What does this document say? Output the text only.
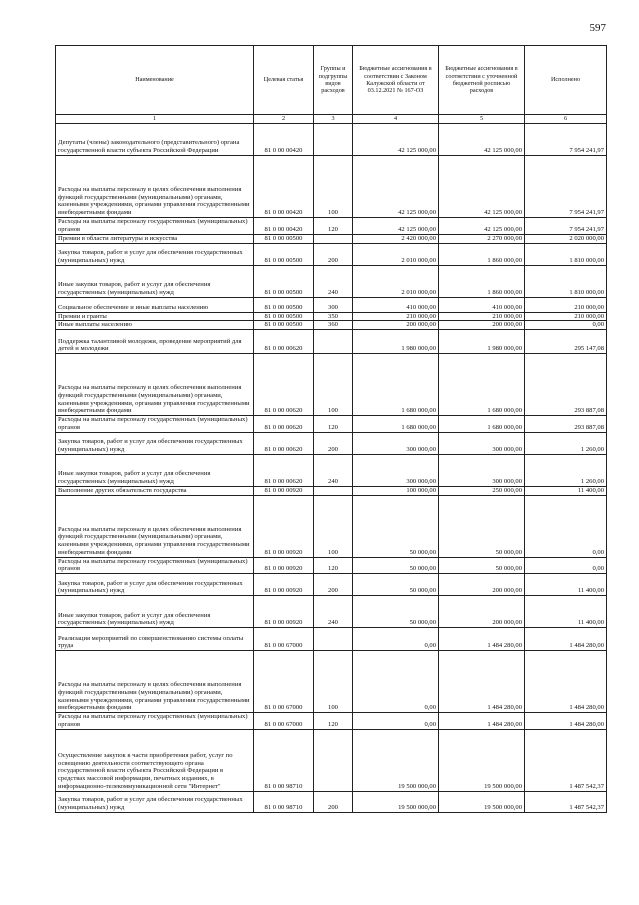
597
Наименование	Целевая статья	Группы и подгруппы видов расходов	Бюджетные ассигнования в соответствии с Законом Калужской области от 03.12.2021 № 167-ОЗ	Бюджетные ассигнования в соответствии с уточненной бюджетной росписью расходов	Исполнено
1	2	3	4	5	6
Депутаты (члены) законодательного (представительного) органа государственной власти субъекта Российской Федерации	81 0 00 00420		42 125 000,00	42 125 000,00	7 954 241,97
Расходы на выплаты персоналу в целях обеспечения выполнения функций государственными (муниципальными) органами, казенными учреждениями, органами управления государственными внебюджетными фондами	81 0 00 00420	100	42 125 000,00	42 125 000,00	7 954 241,97
Расходы на выплаты персоналу государственных (муниципальных) органов	81 0 00 00420	120	42 125 000,00	42 125 000,00	7 954 241,97
Премии в области литературы и искусства	81 0 00 00500		2 420 000,00	2 270 000,00	2 020 000,00
Закупка товаров, работ и услуг для обеспечения государственных (муниципальных) нужд	81 0 00 00500	200	2 010 000,00	1 860 000,00	1 810 000,00
Иные закупки товаров, работ и услуг для обеспечения государственных (муниципальных) нужд	81 0 00 00500	240	2 010 000,00	1 860 000,00	1 810 000,00
Социальное обеспечение и иные выплаты населению	81 0 00 00500	300	410 000,00	410 000,00	210 000,00
Премии и гранты	81 0 00 00500	350	210 000,00	210 000,00	210 000,00
Иные выплаты населению	81 0 00 00500	360	200 000,00	200 000,00	0,00
Поддержка талантливой молодежи, проведение мероприятий для детей и молодежи	81 0 00 00620		1 980 000,00	1 980 000,00	295 147,08
Расходы на выплаты персоналу в целях обеспечения выполнения функций государственными (муниципальными) органами, казенными учреждениями, органами управления государственными внебюджетными фондами	81 0 00 00620	100	1 680 000,00	1 680 000,00	293 887,08
Расходы на выплаты персоналу государственных (муниципальных) органов	81 0 00 00620	120	1 680 000,00	1 680 000,00	293 887,08
Закупка товаров, работ и услуг для обеспечения государственных (муниципальных) нужд	81 0 00 00620	200	300 000,00	300 000,00	1 260,00
Иные закупки товаров, работ и услуг для обеспечения государственных (муниципальных) нужд	81 0 00 00620	240	300 000,00	300 000,00	1 260,00
Выполнение других обязательств государства	81 0 00 00920		100 000,00	250 000,00	11 400,00
Расходы на выплаты персоналу в целях обеспечения выполнения функций государственными (муниципальными) органами, казенными учреждениями, органами управления государственными внебюджетными фондами	81 0 00 00920	100	50 000,00	50 000,00	0,00
Расходы на выплаты персоналу государственных (муниципальных) органов	81 0 00 00920	120	50 000,00	50 000,00	0,00
Закупка товаров, работ и услуг для обеспечения государственных (муниципальных) нужд	81 0 00 00920	200	50 000,00	200 000,00	11 400,00
Иные закупки товаров, работ и услуг для обеспечения государственных (муниципальных) нужд	81 0 00 00920	240	50 000,00	200 000,00	11 400,00
Реализация мероприятий по совершенствованию системы оплаты труда	81 0 00 67000		0,00	1 484 280,00	1 484 280,00
Расходы на выплаты персоналу в целях обеспечения выполнения функций государственными (муниципальными) органами, казенными учреждениями, органами управления государственными внебюджетными фондами	81 0 00 67000	100	0,00	1 484 280,00	1 484 280,00
Расходы на выплаты персоналу государственных (муниципальных) органов	81 0 00 67000	120	0,00	1 484 280,00	1 484 280,00
Осуществление закупок в части приобретения работ, услуг по освещению деятельности соответствующего органа государственной власти субъекта Российской Федерации в средствах массовой информации, печатных изданиях, в информационно-телекоммуникационной сети "Интернет"	81 0 00 98710		19 500 000,00	19 500 000,00	1 487 542,37
Закупка товаров, работ и услуг для обеспечения государственных (муниципальных) нужд	81 0 00 98710	200	19 500 000,00	19 500 000,00	1 487 542,37
